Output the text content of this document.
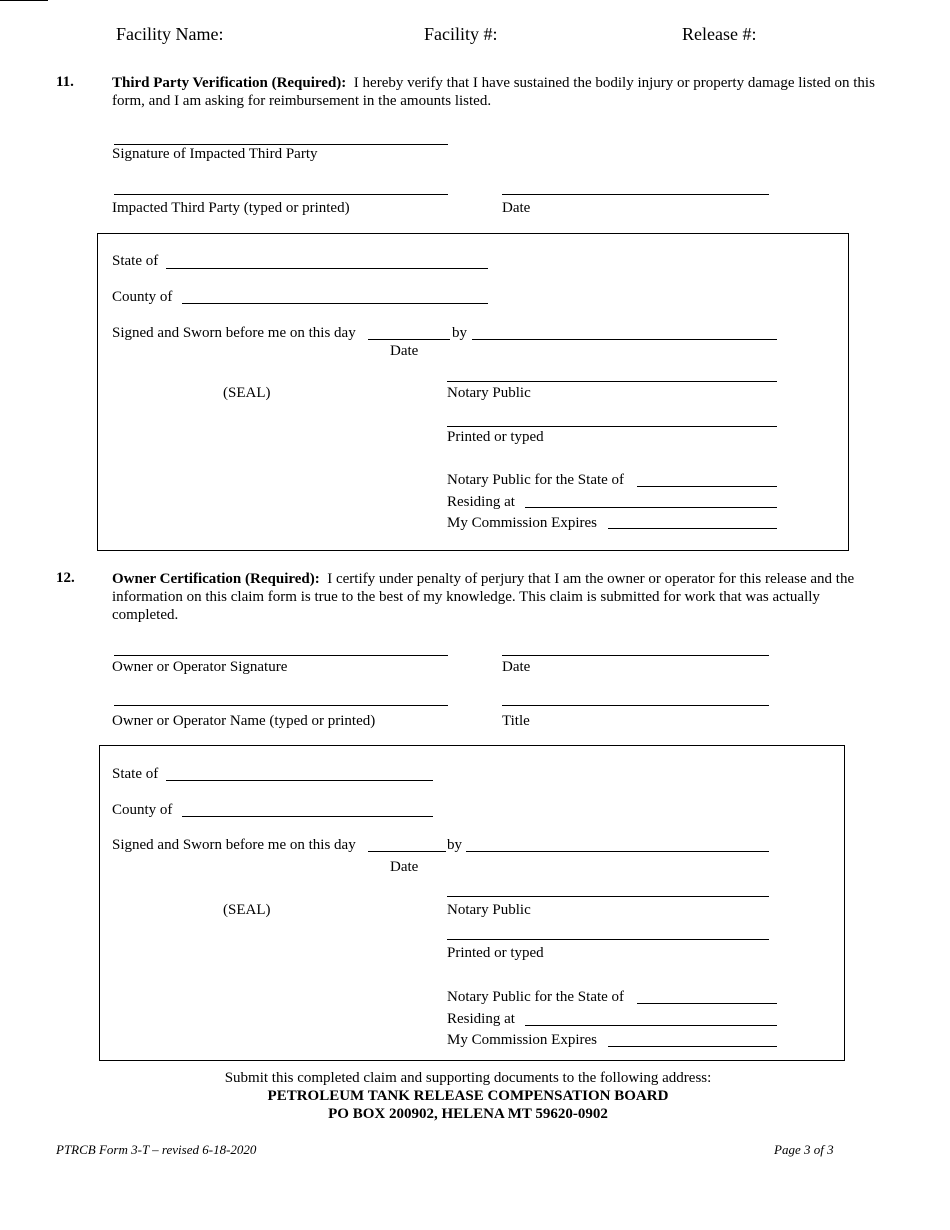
Facility Name:	Facility #:	Release #:
11.	Third Party Verification (Required): I hereby verify that I have sustained the bodily injury or property damage listed on this form, and I am asking for reimbursement in the amounts listed.
Signature of Impacted Third Party
Impacted Third Party (typed or printed)	Date
State of
County of
Signed and Sworn before me on this day	by
Date
(SEAL)	Notary Public
Printed or typed
Notary Public for the State of
Residing at
My Commission Expires
12. Owner Certification (Required): I certify under penalty of perjury that I am the owner or operator for this release and the information on this claim form is true to the best of my knowledge. This claim is submitted for work that was actually completed.
Owner or Operator Signature	Date
Owner or Operator Name (typed or printed)	Title
State of
County of
Signed and Sworn before me on this day	by
Date
(SEAL)	Notary Public
Printed or typed
Notary Public for the State of
Residing at
My Commission Expires
Submit this completed claim and supporting documents to the following address:
PETROLEUM TANK RELEASE COMPENSATION BOARD
PO BOX 200902, HELENA MT 59620-0902
PTRCB Form 3-T – revised 6-18-2020	Page 3 of 3
